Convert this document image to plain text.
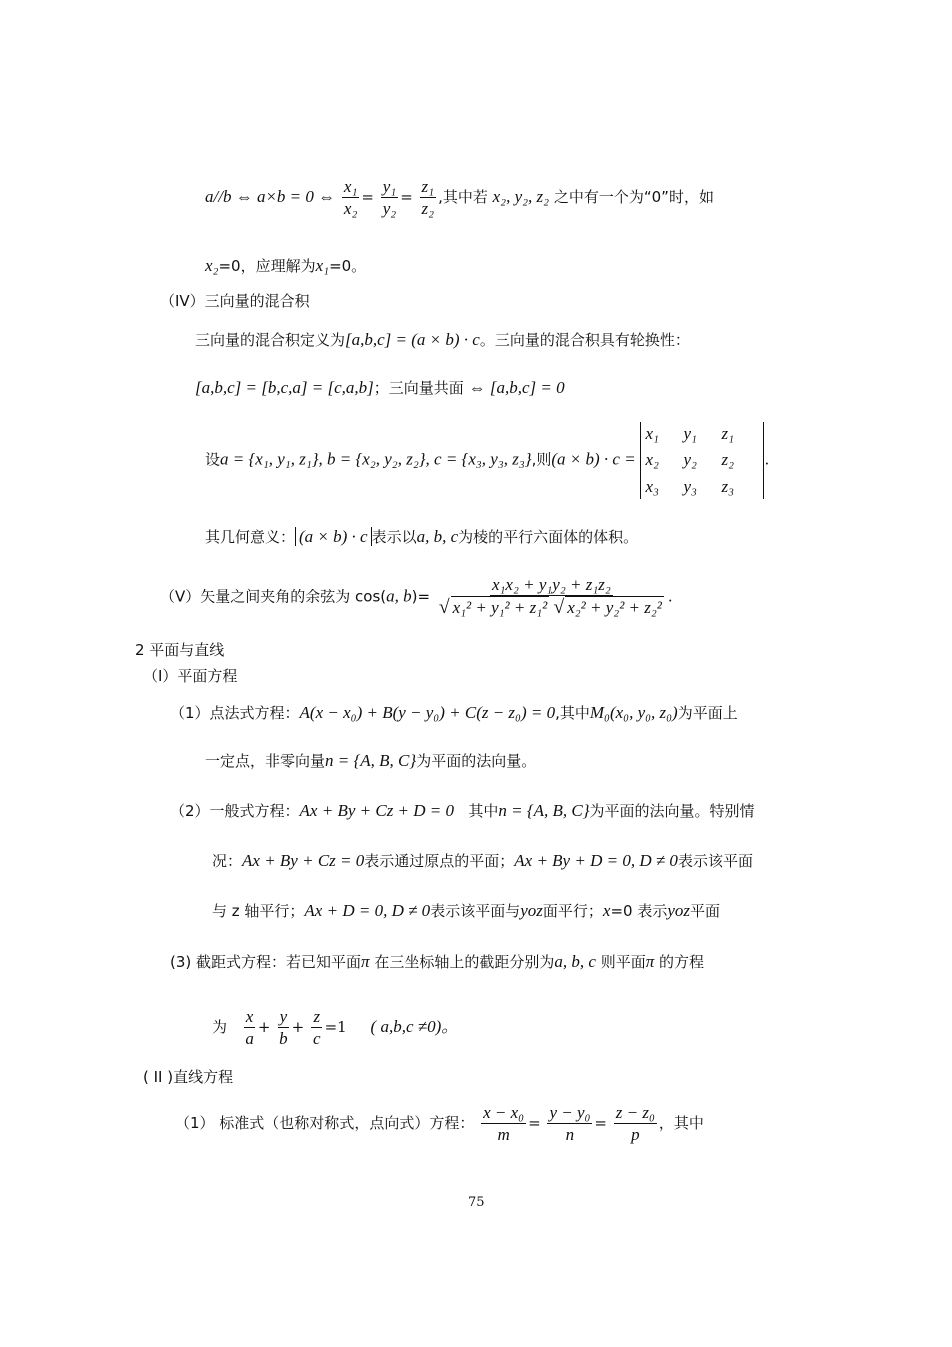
a//b ⇔ a×b = 0 ⇔ $\frac{\text{x₁}}{\text{x₂}} = \frac{\text{y₁}}{\text{y₂}} = \frac{\text{z₁}}{\text{z₂}}$ ,其中若 x₂, y₂, z₂ 之中有一个为“0”时，如
x₂=0，应理解为x₁=0。
（IV）三向量的混合积
三向量的混合积定义为[a,b,c] = (a × b) · c。三向量的混合积具有轮换性：
[a,b,c] = [b,c,a] = [c,a,b]；三向量共面 ⇔ [a,b,c] = 0
设a = {x₁, y₁, z₁}, b = {x₂, y₂, z₂}, c = {x₃, y₃, z₃},则(a × b) · c =
x₁	y₁	z₁
x₂	y₂	z₂
x₃	y₃	z₃
.
其几何意义： (a × b) · c 表示以a, b, c为棱的平行六面体的体积。
（V）矢量之间夹角的余弦为 cos(a, $b)= \frac{\text{x₁x₂ + y₁y₂ + z₁z₂}}{\text{√ x₁² + y₁² + z₁² √ x₂² + y₂² + z₂²}}$ .
2 平面与直线
（I）平面方程
（1）点法式方程：A(x − x₀) + B(y − y₀) + C(z − z₀) = 0,其中M₀(x₀, y₀, z₀)为平面上
一定点，非零向量n = {A, B, C}为平面的法向量。
（2）一般式方程：Ax + By + Cz + D = 0 其中n = {A, B, C}为平面的法向量。特别情
况：Ax + By + Cz = 0表示通过原点的平面；Ax + By + D = 0, D ≠ 0表示该平面
与 z 轴平行；Ax + D = 0, D ≠ 0表示该平面与yoz面平行；x=0 表示yoz平面
(3) 截距式方程：若已知平面π 在三坐标轴上的截距分别为a, b, c 则平面π 的方程
为 $\frac{x}{a} + \frac{y}{b} + \frac{z}{c} =1$ ( a,b,c ≠0)。
( II )直线方程
（1） 标准式（也称对称式，点向式）方程： $\frac{\text{x − x₀}}{m} = \frac{\text{y − y₀}}{n} = \frac{\text{z − z₀}}{p}$ ，其中
75
